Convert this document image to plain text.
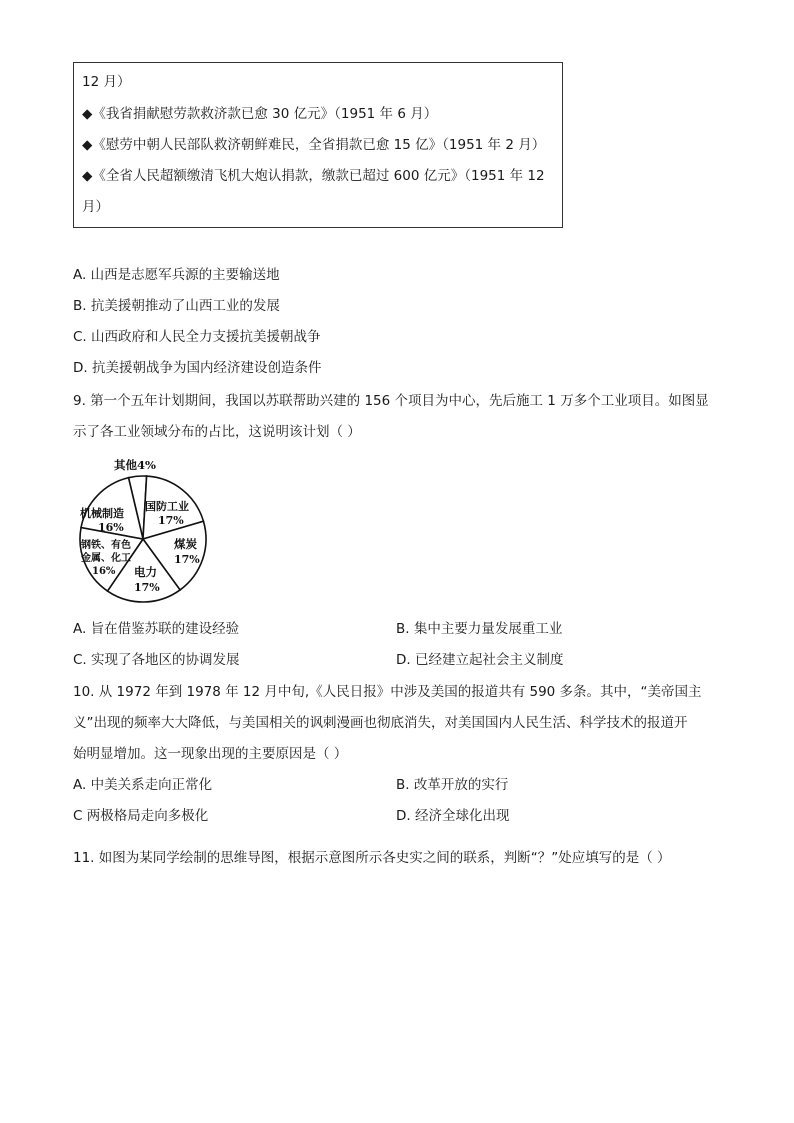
12 月）
◆《我省捐献慰劳款救济款已愈 30 亿元》（1951 年 6 月）
◆《慰劳中朝人民部队救济朝鲜难民，全省捐款已愈 15 亿》（1951 年 2 月）
◆《全省人民超额缴清飞机大炮认捐款，缴款已超过 600 亿元》（1951 年 12
月）
A. 山西是志愿军兵源的主要输送地
B. 抗美援朝推动了山西工业的发展
C. 山西政府和人民全力支援抗美援朝战争
D. 抗美援朝战争为国内经济建设创造条件
9. 第一个五年计划期间，我国以苏联帮助兴建的 156 个项目为中心，先后施工 1 万多个工业项目。如图显
示了各工业领域分布的占比，这说明该计划（ ）
其他4%
国防工业
17%
煤炭
17%
电力
17%
钢铁、有色
金属、化工
16%
机械制造
16%
A. 旨在借鉴苏联的建设经验	B. 集中主要力量发展重工业
C. 实现了各地区的协调发展	D. 已经建立起社会主义制度
10. 从 1972 年到 1978 年 12 月中旬,《人民日报》中涉及美国的报道共有 590 多条。其中，“美帝国主
义”出现的频率大大降低，与美国相关的讽刺漫画也彻底消失，对美国国内人民生活、科学技术的报道开
始明显增加。这一现象出现的主要原因是（ ）
A. 中美关系走向正常化	B. 改革开放的实行
C 两极格局走向多极化	D. 经济全球化出现
11. 如图为某同学绘制的思维导图，根据示意图所示各史实之间的联系，判断“？”处应填写的是（ ）
